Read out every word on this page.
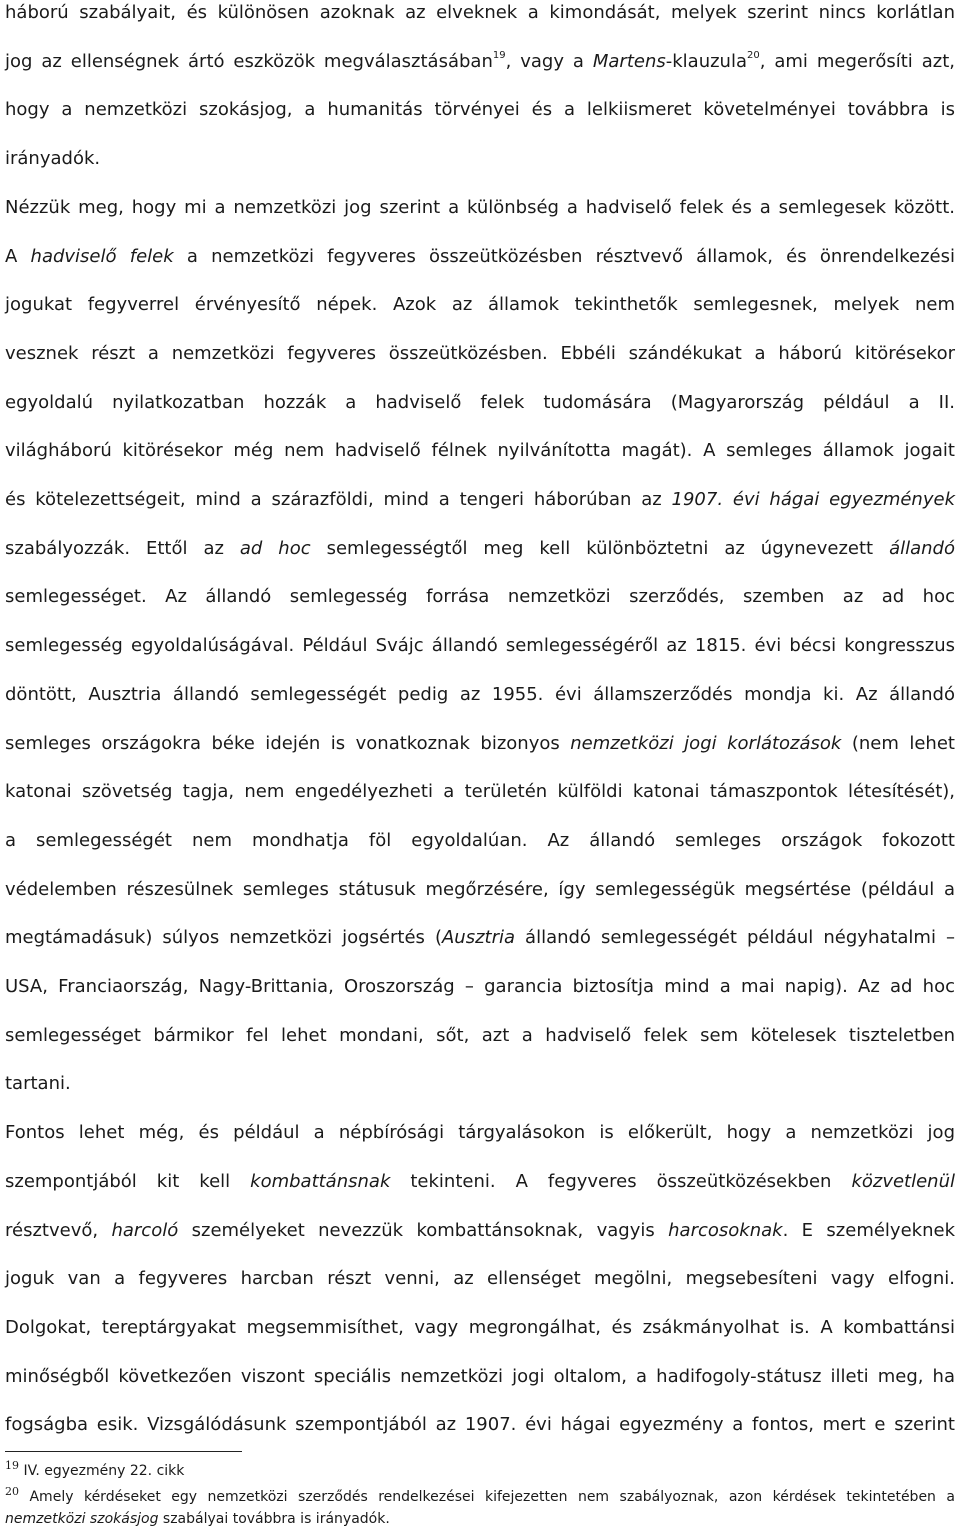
háború szabályait, és különösen azoknak az elveknek a kimondását, melyek szerint nincs korlátlan
jog az ellenségnek ártó eszközök megválasztásában$^{19}$, vagy a Martens-klauzula$^{20}$, ami megerősíti azt,
hogy a nemzetközi szokásjog, a humanitás törvényei és a lelkiismeret követelményei továbbra is
irányadók.
Nézzük meg, hogy mi a nemzetközi jog szerint a különbség a hadviselő felek és a semlegesek között.
A hadviselő felek a nemzetközi fegyveres összeütközésben résztvevő államok, és önrendelkezési
jogukat fegyverrel érvényesítő népek. Azok az államok tekinthetők semlegesnek, melyek nem
vesznek részt a nemzetközi fegyveres összeütközésben. Ebbéli szándékukat a háború kitörésekor
egyoldalú nyilatkozatban hozzák a hadviselő felek tudomására (Magyarország például a II.
világháború kitörésekor még nem hadviselő félnek nyilvánította magát). A semleges államok jogait
és kötelezettségeit, mind a szárazföldi, mind a tengeri háborúban az 1907. évi hágai egyezmények
szabályozzák. Ettől az ad hoc semlegességtől meg kell különböztetni az úgynevezett állandó
semlegességet. Az állandó semlegesség forrása nemzetközi szerződés, szemben az ad hoc
semlegesség egyoldalúságával. Például Svájc állandó semlegességéről az 1815. évi bécsi kongresszus
döntött, Ausztria állandó semlegességét pedig az 1955. évi államszerződés mondja ki. Az állandó
semleges országokra béke idején is vonatkoznak bizonyos nemzetközi jogi korlátozások (nem lehet
katonai szövetség tagja, nem engedélyezheti a területén külföldi katonai támaszpontok létesítését),
a semlegességét nem mondhatja föl egyoldalúan. Az állandó semleges országok fokozott
védelemben részesülnek semleges státusuk megőrzésére, így semlegességük megsértése (például a
megtámadásuk) súlyos nemzetközi jogsértés (Ausztria állandó semlegességét például négyhatalmi –
USA, Franciaország, Nagy-Brittania, Oroszország – garancia biztosítja mind a mai napig). Az ad hoc
semlegességet bármikor fel lehet mondani, sőt, azt a hadviselő felek sem kötelesek tiszteletben
tartani.
Fontos lehet még, és például a népbírósági tárgyalásokon is előkerült, hogy a nemzetközi jog
szempontjából kit kell kombattánsnak tekinteni. A fegyveres összeütközésekben közvetlenül
résztvevő, harcoló személyeket nevezzük kombattánsoknak, vagyis harcosoknak. E személyeknek
joguk van a fegyveres harcban részt venni, az ellenséget megölni, megsebesíteni vagy elfogni.
Dolgokat, tereptárgyakat megsemmisíthet, vagy megrongálhat, és zsákmányolhat is. A kombattánsi
minőségből következően viszont speciális nemzetközi jogi oltalom, a hadifogoly-státusz illeti meg, ha
fogságba esik. Vizsgálódásunk szempontjából az 1907. évi hágai egyezmény a fontos, mert e szerint
$^{19}$ IV. egyezmény 22. cikk
$^{20}$ Amely kérdéseket egy nemzetközi szerződés rendelkezései kifejezetten nem szabályoznak, azon kérdések tekintetében a
nemzetközi szokásjog szabályai továbbra is irányadók.
